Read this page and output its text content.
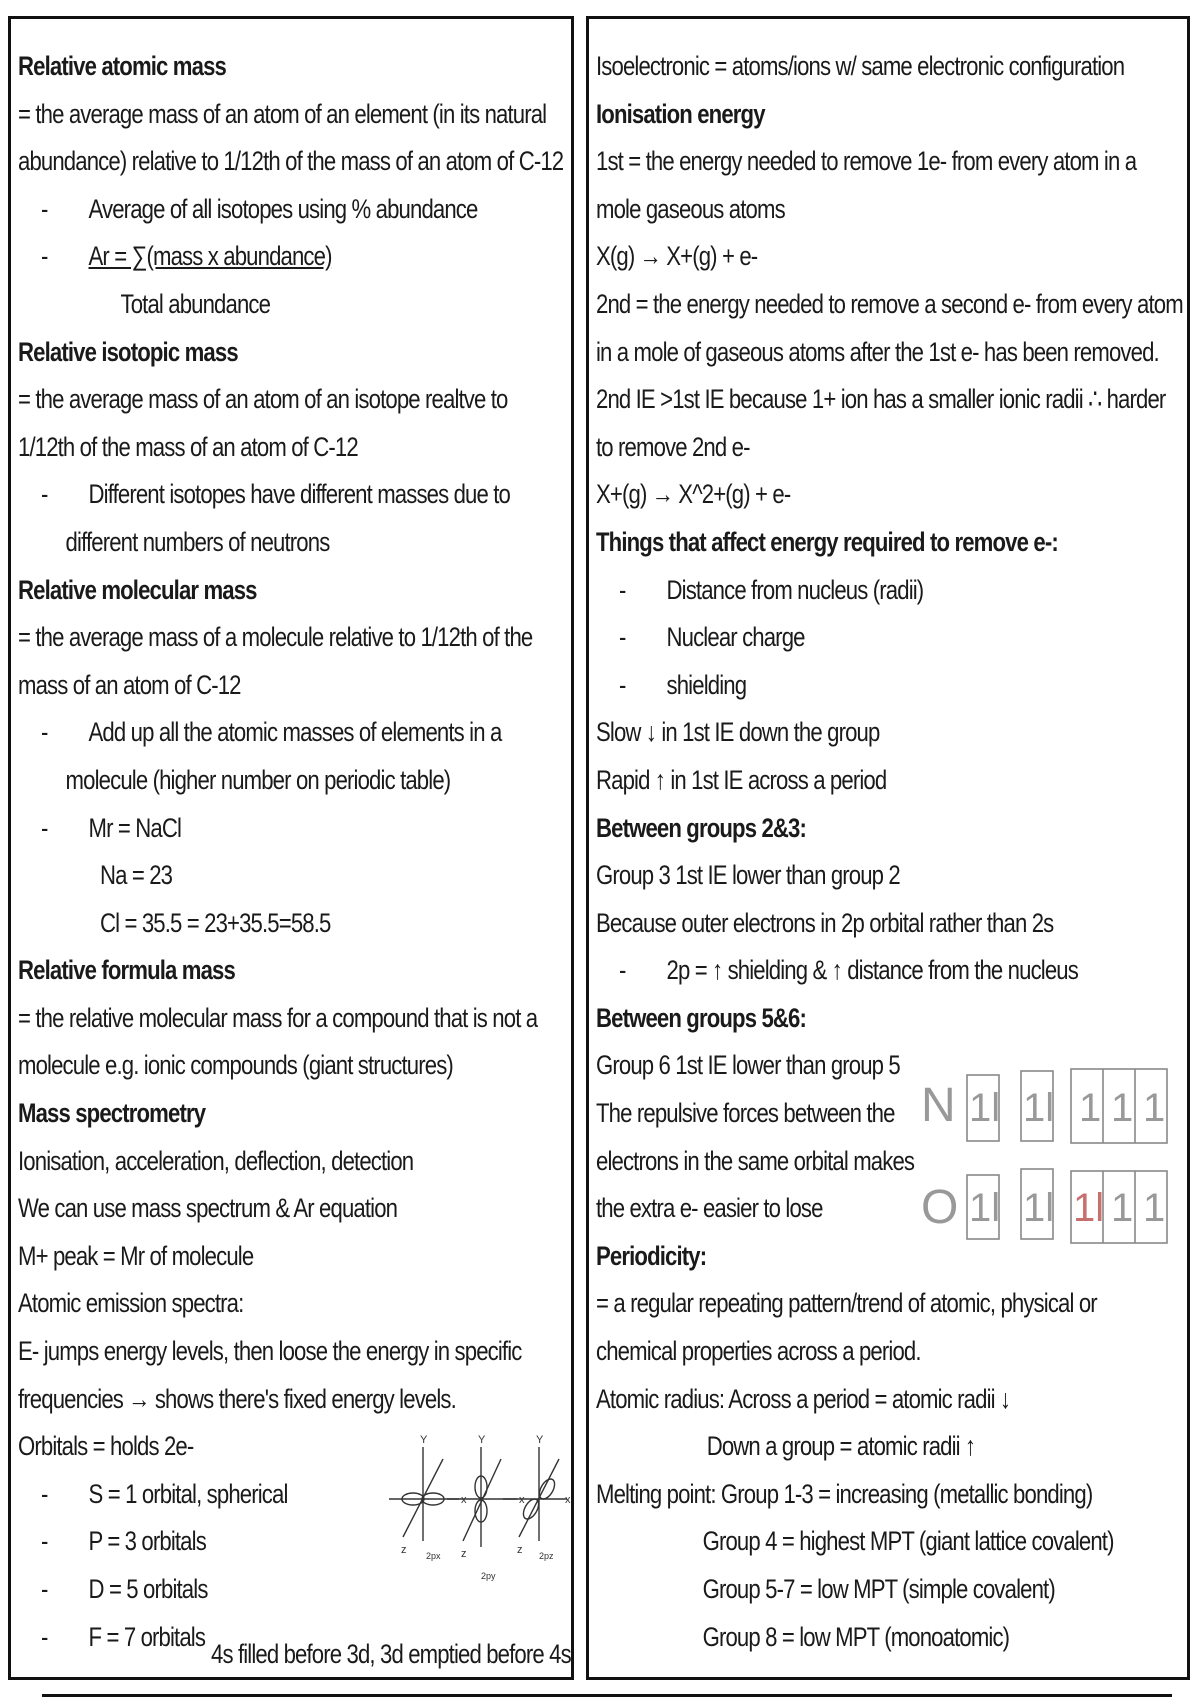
Relative atomic mass
= the average mass of an atom of an element (in its natural
abundance) relative to 1/12th of the mass of an atom of C-12
- Average of all isotopes using % abundance
- Ar = ∑(mass x abundance)
Total abundance
Relative isotopic mass
= the average mass of an atom of an isotope realtve to
1/12th of the mass of an atom of C-12
- Different isotopes have different masses due to
different numbers of neutrons
Relative molecular mass
= the average mass of a molecule relative to 1/12th of the
mass of an atom of C-12
- Add up all the atomic masses of elements in a
molecule (higher number on periodic table)
- Mr = NaCl
Na = 23
Cl = 35.5 = 23+35.5=58.5
Relative formula mass
= the relative molecular mass for a compound that is not a
molecule e.g. ionic compounds (giant structures)
Mass spectrometry
Ionisation, acceleration, deflection, detection
We can use mass spectrum & Ar equation
M+ peak = Mr of molecule
Atomic emission spectra:
E- jumps energy levels, then loose the energy in specific
frequencies → shows there's fixed energy levels.
Orbitals = holds 2e-
- S = 1 orbital, spherical
- P = 3 orbitals
- D = 5 orbitals
- F = 7 orbitals
4s filled before 3d, 3d emptied before 4s
Y	Y	Y
x	x	x
z	z	z
2px
2py
2pz
Isoelectronic = atoms/ions w/ same electronic configuration
Ionisation energy
1st = the energy needed to remove 1e- from every atom in a
mole gaseous atoms
X(g) → X+(g) + e-
2nd = the energy needed to remove a second e- from every atom
in a mole of gaseous atoms after the 1st e- has been removed.
2nd IE >1st IE because 1+ ion has a smaller ionic radii ∴ harder
to remove 2nd e-
X+(g) → X^2+(g) + e-
Things that affect energy required to remove e-:
- Distance from nucleus (radii)
- Nuclear charge
- shielding
Slow ↓ in 1st IE down the group
Rapid ↑ in 1st IE across a period
Between groups 2&3:
Group 3 1st IE lower than group 2
Because outer electrons in 2p orbital rather than 2s
- 2p = ↑ shielding & ↑ distance from the nucleus
Between groups 5&6:
Group 6 1st IE lower than group 5
The repulsive forces between the
electrons in the same orbital makes
the extra e- easier to lose
Periodicity:
= a regular repeating pattern/trend of atomic, physical or
chemical properties across a period.
Atomic radius: Across a period = atomic radii ↓
Down a group = atomic radii ↑
Melting point: Group 1-3 = increasing (metallic bonding)
Group 4 = highest MPT (giant lattice covalent)
Group 5-7 = low MPT (simple covalent)
Group 8 = low MPT (monoatomic)
N
O
1l 1l 1 1 1
1l 1l 1l 1 1
